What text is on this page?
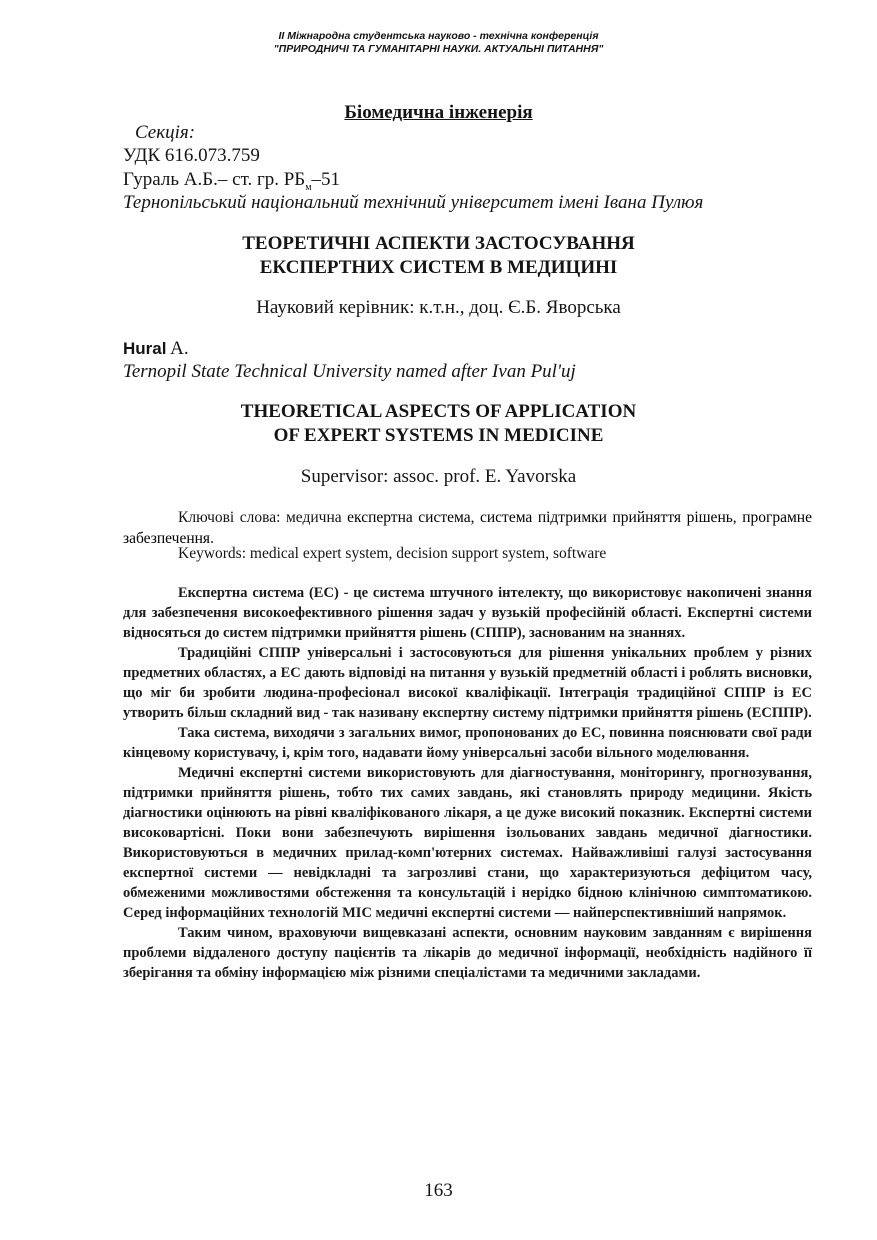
ІІ Міжнародна студентська науково - технічна конференція
"ПРИРОДНИЧІ ТА ГУМАНІТАРНІ НАУКИ. АКТУАЛЬНІ ПИТАННЯ"
Біомедична інженерія
Секція:
УДК 616.073.759
Гураль А.Б.– ст. гр. $РБ_м-51$
Тернопільський національний технічний університет імені Івана Пулюя
ТЕОРЕТИЧНІ АСПЕКТИ ЗАСТОСУВАННЯ
ЕКСПЕРТНИХ СИСТЕМ В МЕДИЦИНІ
Науковий керівник: к.т.н., доц. Є.Б. Яворська
Hural A.
Ternopil State Technical University named after Ivan Pul'uj
THEORETICAL ASPECTS OF APPLICATION
OF EXPERT SYSTEMS IN MEDICINE
Supervisor: assoc. prof. E. Yavorska
Ключові слова: медична експертна система, система підтримки прийняття рішень, програмне забезпечення.
Keywords: medical expert system, decision support system, software

Експертна система (ЕС) - це система штучного інтелекту, що використовує накопичені знання для забезпечення високоефективного рішення задач у вузькій професійній області. Експертні системи відносяться до систем підтримки прийняття рішень (СППР), заснованим на знаннях.

Традиційні СППР універсальні і застосовуються для рішення унікальних проблем у різних предметних областях, а ЕС дають відповіді на питання у вузькій предметній області і роблять висновки, що міг би зробити людина-професіонал високої кваліфікації. Інтеграція традиційної СППР із ЕС утворить більш складний вид - так називану експертну систему підтримки прийняття рішень (ЕСППР).

Така система, виходячи з загальних вимог, пропонованих до ЕС, повинна пояснювати свої ради кінцевому користувачу, і, крім того, надавати йому універсальні засоби вільного моделювання.

Медичні експертні системи використовують для діагностування, моніторингу, прогнозування, підтримки прийняття рішень, тобто тих самих завдань, які становлять природу медицини. Якість діагностики оцінюють на рівні кваліфікованого лікаря, а це дуже високий показник. Експертні системи високовартісні. Поки вони забезпечують вирішення ізольованих завдань медичної діагностики. Використовуються в медичних прилад-комп'ютерних системах. Найважливіші галузі застосування експертної системи — невідкладні та загрозливі стани, що характеризуються дефіцитом часу, обмеженими можливостями обстеження та консультацій і нерідко бідною клінічною симптоматикою. Серед інформаційних технологій МІС медичні експертні системи — найперспективніший напрямок.

Таким чином, враховуючи вищевказані аспекти, основним науковим завданням є вирішення проблеми віддаленого доступу пацієнтів та лікарів до медичної інформації, необхідність надійного її зберігання та обміну інформацією між різними спеціалістами та медичними закладами.

163
